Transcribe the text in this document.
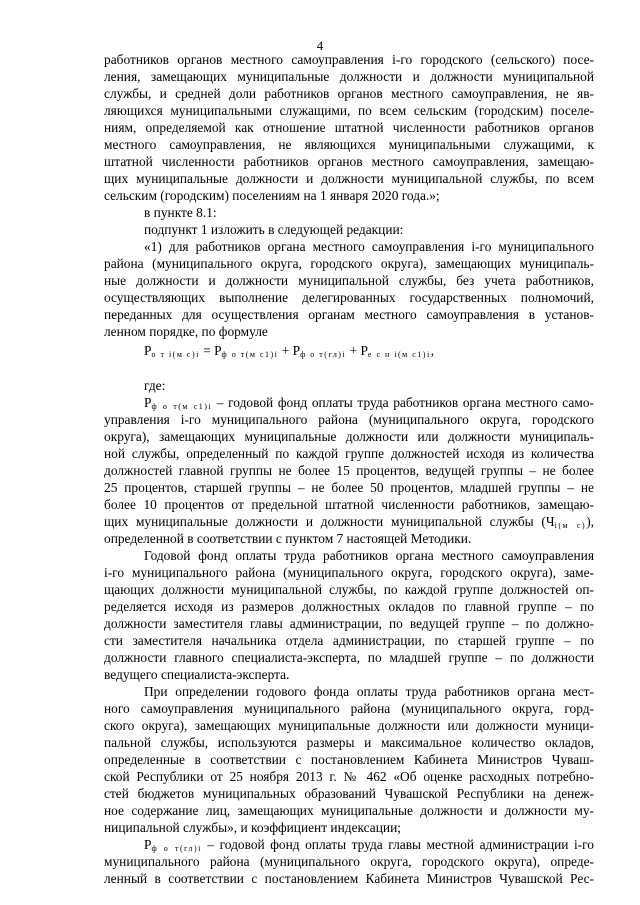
4
работников органов местного самоуправления i-го городского (сельского) посе-
ления, замещающих муниципальные должности и должности муниципальной
службы, и средней доли работников органов местного самоуправления, не яв-
ляющихся муниципальными служащими, по всем сельским (городским) поселе-
ниям, определяемой как отношение штатной численности работников органов
местного самоуправления, не являющихся муниципальными служащими, к
штатной численности работников органов местного самоуправления, замещаю-
щих муниципальные должности и должности муниципальной службы, по всем
сельским (городским) поселениям на 1 января 2020 года.»;
в пункте 8.1:
подпункт 1 изложить в следующей редакции:
«1) для работников органа местного самоуправления i-го муниципального
района (муниципального округа, городского округа), замещающих муниципаль-
ные должности и должности муниципальной службы, без учета работников,
осуществляющих выполнение делегированных государственных полномочий,
переданных для осуществления органам местного самоуправления в установ-
ленном порядке, по формуле
$Р_{о т i(м с)i} = Р_{ф о т(м с1)i} + Р_{ф о т(гл)i} + Р_{е с н i(м с1)i}$,
где:
$Р_{ф о т(м с1)i}$ – годовой фонд оплаты труда работников органа местного само-
управления i-го муниципального района (муниципального округа, городского
округа), замещающих муниципальные должности или должности муниципаль-
ной службы, определенный по каждой группе должностей исходя из количества
должностей главной группы не более 15 процентов, ведущей группы – не более
25 процентов, старшей группы – не более 50 процентов, младшей группы – не
более 10 процентов от предельной штатной численности работников, замещаю-
щих муниципальные должности и должности муниципальной службы $(Ч_{i(м с)})$,
определенной в соответствии с пунктом 7 настоящей Методики.
Годовой фонд оплаты труда работников органа местного самоуправления
i-го муниципального района (муниципального округа, городского округа), заме-
щающих должности муниципальной службы, по каждой группе должностей оп-
ределяется исходя из размеров должностных окладов по главной группе – по
должности заместителя главы администрации, по ведущей группе – по должно-
сти заместителя начальника отдела администрации, по старшей группе – по
должности главного специалиста-эксперта, по младшей группе – по должности
ведущего специалиста-эксперта.
При определении годового фонда оплаты труда работников органа мест-
ного самоуправления муниципального района (муниципального округа, горд-
ского округа), замещающих муниципальные должности или должности муници-
пальной службы, используются размеры и максимальное количество окладов,
определенные в соответствии с постановлением Кабинета Министров Чуваш-
ской Республики от 25 ноября 2013 г. № 462 «Об оценке расходных потребно-
стей бюджетов муниципальных образований Чувашской Республики на денеж-
ное содержание лиц, замещающих муниципальные должности и должности му-
ниципальной службы», и коэффициент индексации;
$Р_{ф о т(гл)i}$ – годовой фонд оплаты труда главы местной администрации i-го
муниципального района (муниципального округа, городского округа), опреде-
ленный в соответствии с постановлением Кабинета Министров Чувашской Рес-
